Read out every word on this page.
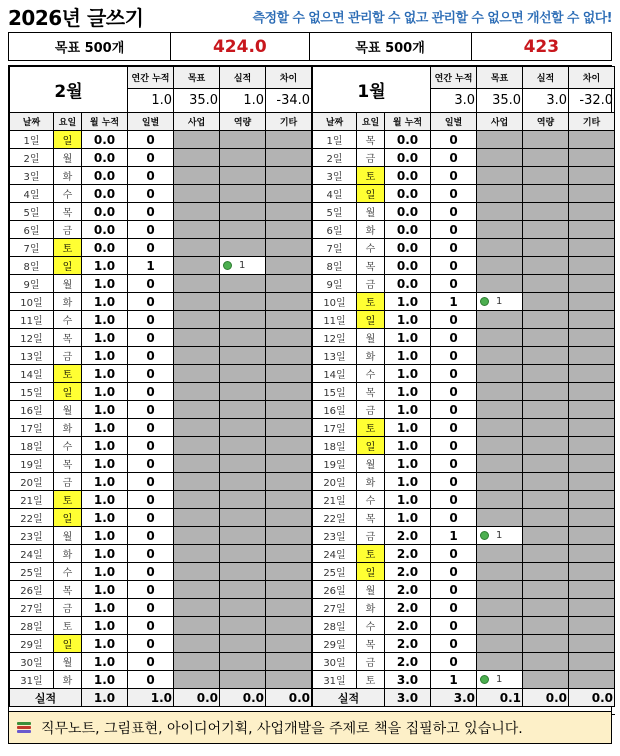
2026년 글쓰기	측정할 수 없으면 관리할 수 없고 관리할 수 없으면 개선할 수 없다!
목표 500개	424.0	목표 500개	423
2월			연간 누적	목표	실적	차이
			1.0	35.0	1.0	-34.0
날짜	요일	월 누적	일별	사업	역량	기타
1일	일	0.0	0			
2일	월	0.0	0			
3일	화	0.0	0			
4일	수	0.0	0			
5일	목	0.0	0			
6일	금	0.0	0			
7일	토	0.0	0			
8일	일	1.0	1		1	
9일	월	1.0	0			
10일	화	1.0	0			
11일	수	1.0	0			
12일	목	1.0	0			
13일	금	1.0	0			
14일	토	1.0	0			
15일	일	1.0	0			
16일	월	1.0	0			
17일	화	1.0	0			
18일	수	1.0	0			
19일	목	1.0	0			
20일	금	1.0	0			
21일	토	1.0	0			
22일	일	1.0	0			
23일	월	1.0	0			
24일	화	1.0	0			
25일	수	1.0	0			
26일	목	1.0	0			
27일	금	1.0	0			
28일	토	1.0	0			
29일	일	1.0	0			
30일	월	1.0	0			
31일	화	1.0	0			
실적		1.0	1.0	0.0	0.0	0.0

1월			연간 누적	목표	실적	차이
			3.0	35.0	3.0	-32.0
날짜	요일	월 누적	일별	사업	역량	기타
1일	목	0.0	0			
2일	금	0.0	0			
3일	토	0.0	0			
4일	일	0.0	0			
5일	월	0.0	0			
6일	화	0.0	0			
7일	수	0.0	0			
8일	목	0.0	0			
9일	금	0.0	0			
10일	토	1.0	1	1		
11일	일	1.0	0			
12일	월	1.0	0			
13일	화	1.0	0			
14일	수	1.0	0			
15일	목	1.0	0			
16일	금	1.0	0			
17일	토	1.0	0			
18일	일	1.0	0			
19일	월	1.0	0			
20일	화	1.0	0			
21일	수	1.0	0			
22일	목	1.0	0			
23일	금	2.0	1	1		
24일	토	2.0	0			
25일	일	2.0	0			
26일	월	2.0	0			
27일	화	2.0	0			
28일	수	2.0	0			
29일	목	2.0	0			
30일	금	2.0	0			
31일	토	3.0	1	1		
실적		3.0	3.0	0.1	0.0	0.0

직무노트, 그림표현, 아이디어기획, 사업개발을 주제로 책을 집필하고 있습니다.
